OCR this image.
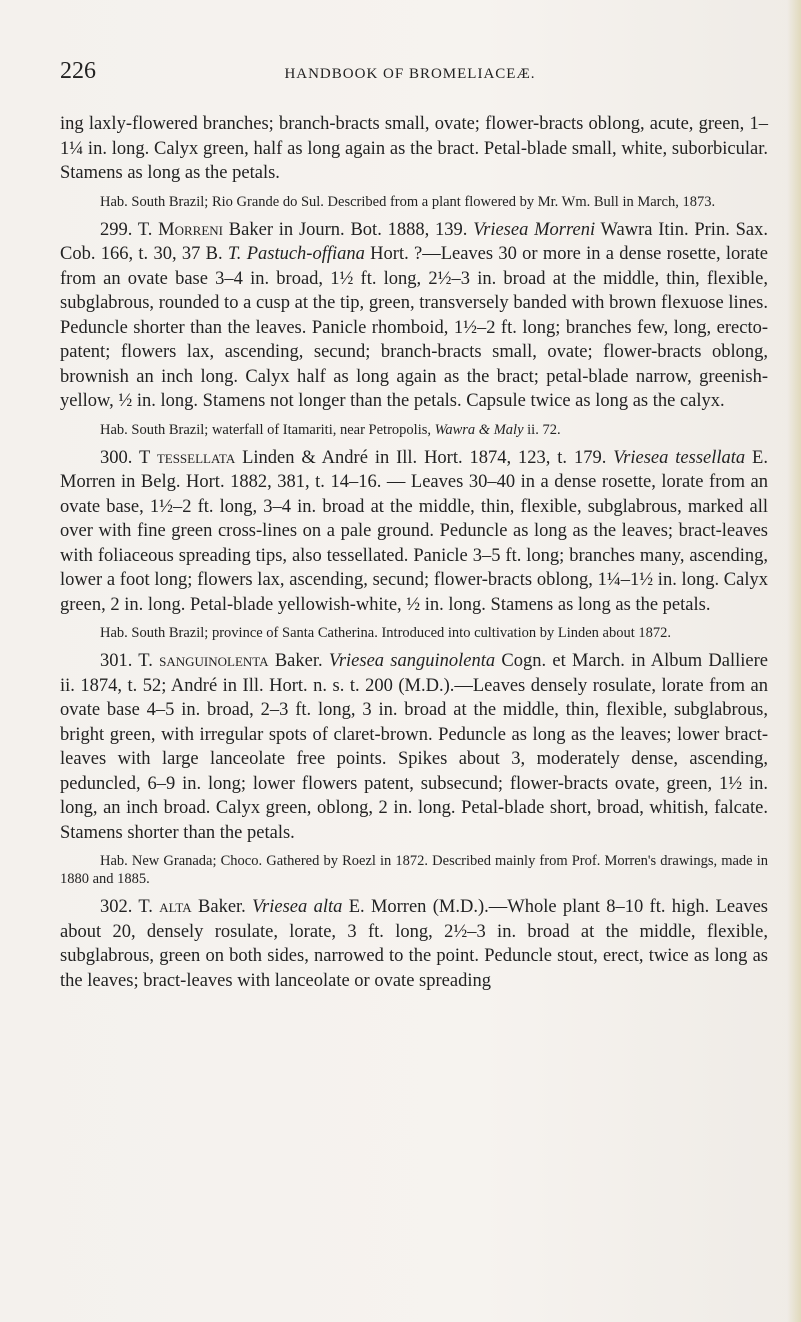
226	HANDBOOK OF BROMELIACEÆ.

ing laxly-flowered branches; branch-bracts small, ovate; flower-bracts oblong, acute, green, 1–1¼ in. long. Calyx green, half as long again as the bract. Petal-blade small, white, suborbicular. Stamens as long as the petals.

Hab. South Brazil; Rio Grande do Sul. Described from a plant flowered by Mr. Wm. Bull in March, 1873.

299. T. Morreni Baker in Journ. Bot. 1888, 139. Vriesea Morreni Wawra Itin. Prin. Sax. Cob. 166, t. 30, 37 B. T. Pastuch-offiana Hort. ?—Leaves 30 or more in a dense rosette, lorate from an ovate base 3–4 in. broad, 1½ ft. long, 2½–3 in. broad at the middle, thin, flexible, subglabrous, rounded to a cusp at the tip, green, transversely banded with brown flexuose lines. Peduncle shorter than the leaves. Panicle rhomboid, 1½–2 ft. long; branches few, long, erecto-patent; flowers lax, ascending, secund; branch-bracts small, ovate; flower-bracts oblong, brownish an inch long. Calyx half as long again as the bract; petal-blade narrow, greenish-yellow, ½ in. long. Stamens not longer than the petals. Capsule twice as long as the calyx.

Hab. South Brazil; waterfall of Itamariti, near Petropolis, Wawra & Maly ii. 72.

300. T tessellata Linden & André in Ill. Hort. 1874, 123, t. 179. Vriesea tessellata E. Morren in Belg. Hort. 1882, 381, t. 14–16. — Leaves 30–40 in a dense rosette, lorate from an ovate base, 1½–2 ft. long, 3–4 in. broad at the middle, thin, flexible, subglabrous, marked all over with fine green cross-lines on a pale ground. Peduncle as long as the leaves; bract-leaves with foliaceous spreading tips, also tessellated. Panicle 3–5 ft. long; branches many, ascending, lower a foot long; flowers lax, ascending, secund; flower-bracts oblong, 1¼–1½ in. long. Calyx green, 2 in. long. Petal-blade yellowish-white, ½ in. long. Stamens as long as the petals.

Hab. South Brazil; province of Santa Catherina. Introduced into cultivation by Linden about 1872.

301. T. sanguinolenta Baker. Vriesea sanguinolenta Cogn. et March. in Album Dalliere ii. 1874, t. 52; André in Ill. Hort. n. s. t. 200 (M.D.).—Leaves densely rosulate, lorate from an ovate base 4–5 in. broad, 2–3 ft. long, 3 in. broad at the middle, thin, flexible, subglabrous, bright green, with irregular spots of claret-brown. Peduncle as long as the leaves; lower bract-leaves with large lanceolate free points. Spikes about 3, moderately dense, ascending, peduncled, 6–9 in. long; lower flowers patent, subsecund; flower-bracts ovate, green, 1½ in. long, an inch broad. Calyx green, oblong, 2 in. long. Petal-blade short, broad, whitish, falcate. Stamens shorter than the petals.

Hab. New Granada; Choco. Gathered by Roezl in 1872. Described mainly from Prof. Morren's drawings, made in 1880 and 1885.

302. T. alta Baker. Vriesea alta E. Morren (M.D.).—Whole plant 8–10 ft. high. Leaves about 20, densely rosulate, lorate, 3 ft. long, 2½–3 in. broad at the middle, flexible, subglabrous, green on both sides, narrowed to the point. Peduncle stout, erect, twice as long as the leaves; bract-leaves with lanceolate or ovate spreading
